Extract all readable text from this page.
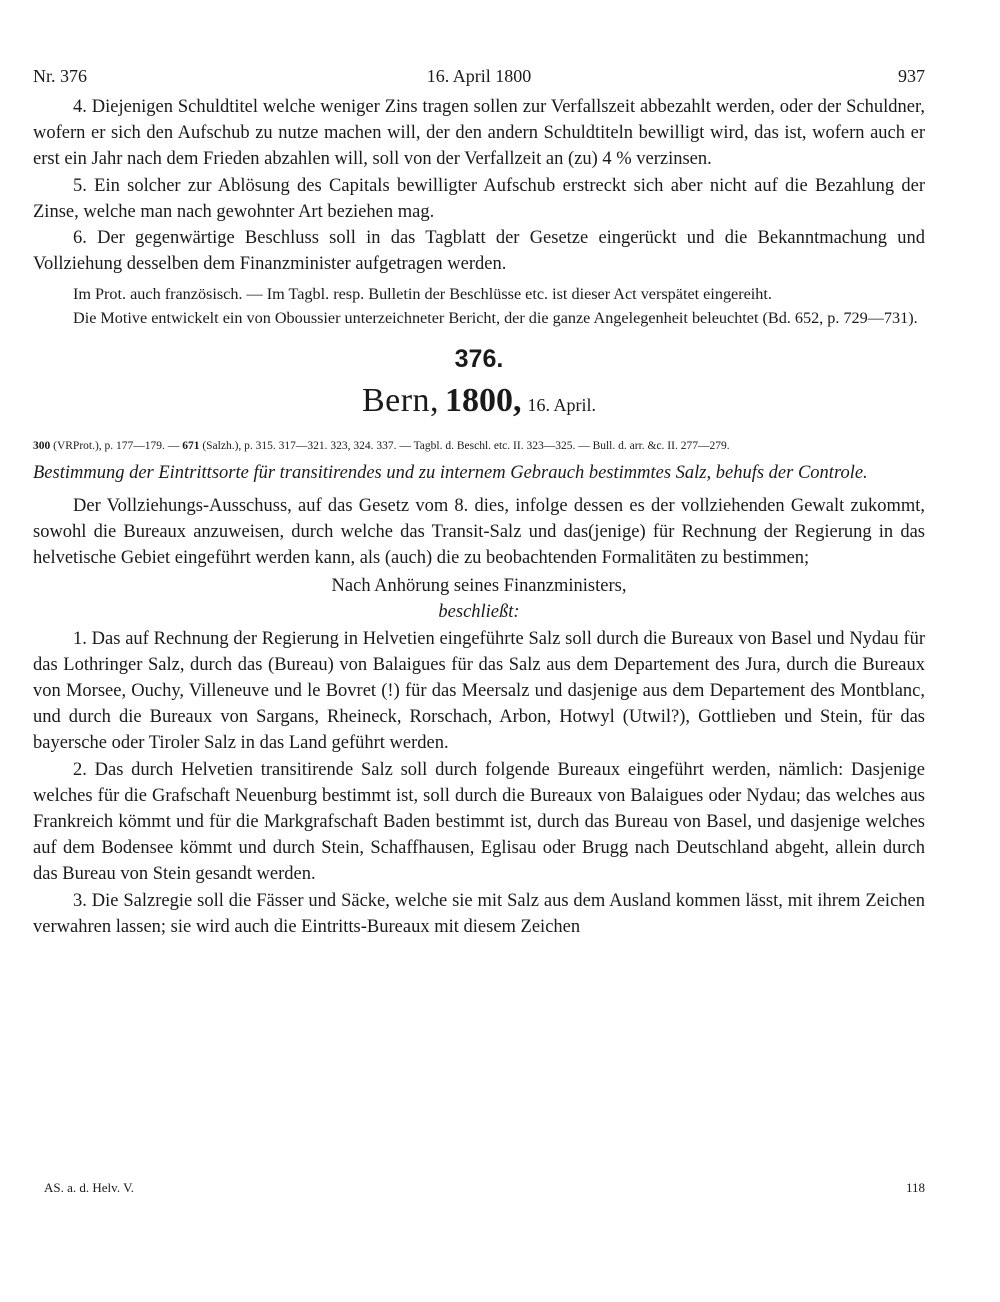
Nr. 376	16. April 1800	937

4. Diejenigen Schuldtitel welche weniger Zins tragen sollen zur Verfallszeit abbezahlt werden, oder der Schuldner, wofern er sich den Aufschub zu nutze machen will, der den andern Schuldtiteln bewilligt wird, das ist, wofern auch er erst ein Jahr nach dem Frieden abzahlen will, soll von der Verfallzeit an (zu) 4 % verzinsen.

5. Ein solcher zur Ablösung des Capitals bewilligter Aufschub erstreckt sich aber nicht auf die Bezahlung der Zinse, welche man nach gewohnter Art beziehen mag.

6. Der gegenwärtige Beschluss soll in das Tagblatt der Gesetze eingerückt und die Bekanntmachung und Vollziehung desselben dem Finanzminister aufgetragen werden.

Im Prot. auch französisch. — Im Tagbl. resp. Bulletin der Beschlüsse etc. ist dieser Act verspätet eingereiht.

Die Motive entwickelt ein von Oboussier unterzeichneter Bericht, der die ganze Angelegenheit beleuchtet (Bd. 652, p. 729—731).

376.
Bern, 1800, 16. April.
300 (VRProt.), p. 177—179. — 671 (Salzh.), p. 315. 317—321. 323, 324. 337. — Tagbl. d. Beschl. etc. II. 323—325. — Bull. d. arr. &c. II. 277—279.

Bestimmung der Eintrittsorte für transitirendes und zu internem Gebrauch bestimmtes Salz, behufs der Controle.

Der Vollziehungs-Ausschuss, auf das Gesetz vom 8. dies, infolge dessen es der vollziehenden Gewalt zukommt, sowohl die Bureaux anzuweisen, durch welche das Transit-Salz und das(jenige) für Rechnung der Regierung in das helvetische Gebiet eingeführt werden kann, als (auch) die zu beobachtenden Formalitäten zu bestimmen;

Nach Anhörung seines Finanzministers,

beschließt:

1. Das auf Rechnung der Regierung in Helvetien eingeführte Salz soll durch die Bureaux von Basel und Nydau für das Lothringer Salz, durch das (Bureau) von Balaigues für das Salz aus dem Departement des Jura, durch die Bureaux von Morsee, Ouchy, Villeneuve und le Bovret (!) für das Meersalz und dasjenige aus dem Departement des Montblanc, und durch die Bureaux von Sargans, Rheineck, Rorschach, Arbon, Hotwyl (Utwil?), Gottlieben und Stein, für das bayersche oder Tiroler Salz in das Land geführt werden.

2. Das durch Helvetien transitirende Salz soll durch folgende Bureaux eingeführt werden, nämlich: Dasjenige welches für die Grafschaft Neuenburg bestimmt ist, soll durch die Bureaux von Balaigues oder Nydau; das welches aus Frankreich kömmt und für die Markgrafschaft Baden bestimmt ist, durch das Bureau von Basel, und dasjenige welches auf dem Bodensee kömmt und durch Stein, Schaffhausen, Eglisau oder Brugg nach Deutschland abgeht, allein durch das Bureau von Stein gesandt werden.

3. Die Salzregie soll die Fässer und Säcke, welche sie mit Salz aus dem Ausland kommen lässt, mit ihrem Zeichen verwahren lassen; sie wird auch die Eintritts-Bureaux mit diesem Zeichen

AS. a. d. Helv. V.	118
